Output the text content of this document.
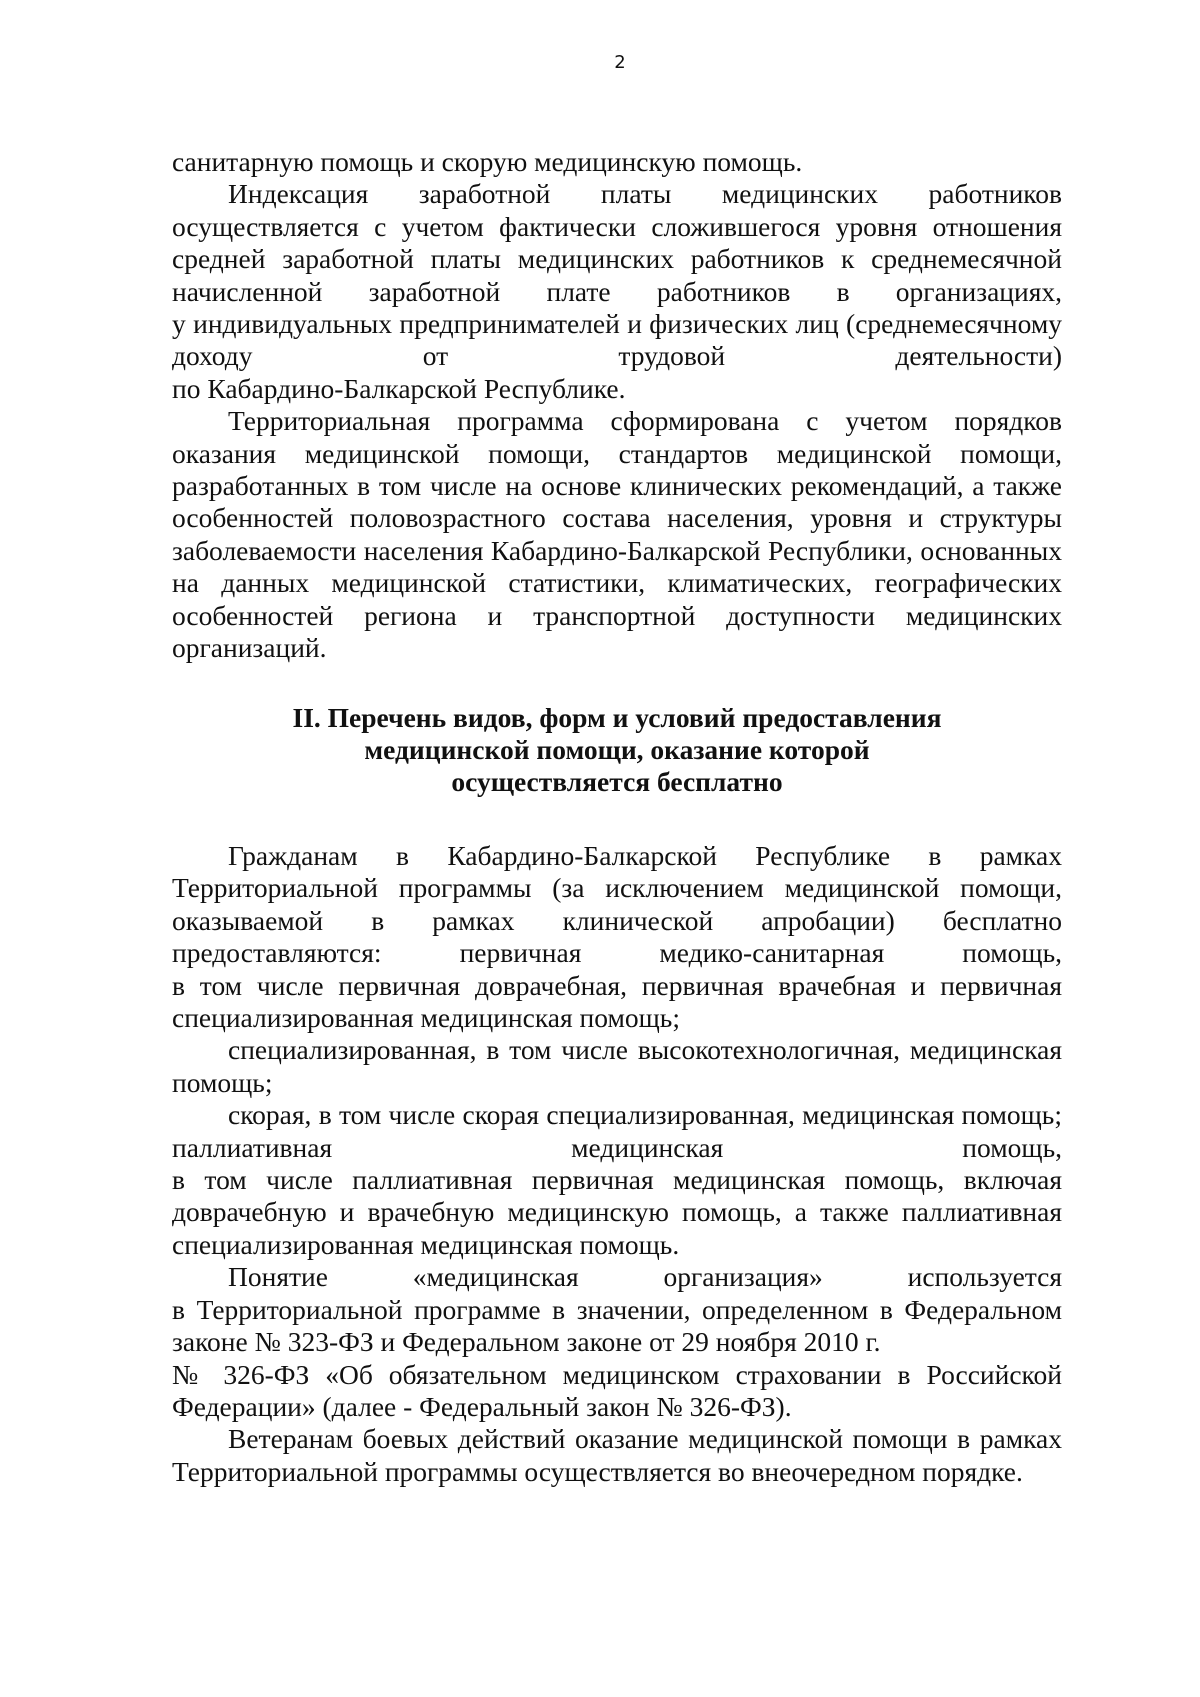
2

санитарную помощь и скорую медицинскую помощь.

Индексация заработной платы медицинских работников осуществляется с учетом фактически сложившегося уровня отношения средней заработной платы медицинских работников к среднемесячной начисленной заработной плате работников в организациях,

у индивидуальных предпринимателей и физических лиц (среднемесячному доходу от трудовой деятельности)

по Кабардино-Балкарской Республике.

Территориальная программа сформирована с учетом порядков оказания медицинской помощи, стандартов медицинской помощи, разработанных в том числе на основе клинических рекомендаций, а также особенностей половозрастного состава населения, уровня и структуры заболеваемости населения Кабардино-Балкарской Республики, основанных на данных медицинской статистики, климатических, географических особенностей региона и транспортной доступности медицинских организаций.

II. Перечень видов, форм и условий предоставления
медицинской помощи, оказание которой
осуществляется бесплатно

Гражданам в Кабардино-Балкарской Республике в рамках Территориальной программы (за исключением медицинской помощи, оказываемой в рамках клинической апробации) бесплатно предоставляются: первичная медико-санитарная помощь,

в том числе первичная доврачебная, первичная врачебная и первичная специализированная медицинская помощь;

специализированная, в том числе высокотехнологичная, медицинская помощь;

скорая, в том числе скорая специализированная, медицинская помощь; паллиативная медицинская помощь,

в том числе паллиативная первичная медицинская помощь, включая доврачебную и врачебную медицинскую помощь, а также паллиативная специализированная медицинская помощь.

Понятие «медицинская организация» используется

в Территориальной программе в значении, определенном в Федеральном законе № 323-ФЗ и Федеральном законе от 29 ноября 2010 г.

№ 326-ФЗ «Об обязательном медицинском страховании в Российской Федерации» (далее - Федеральный закон № 326-ФЗ).

Ветеранам боевых действий оказание медицинской помощи в рамках Территориальной программы осуществляется во внеочередном порядке.
